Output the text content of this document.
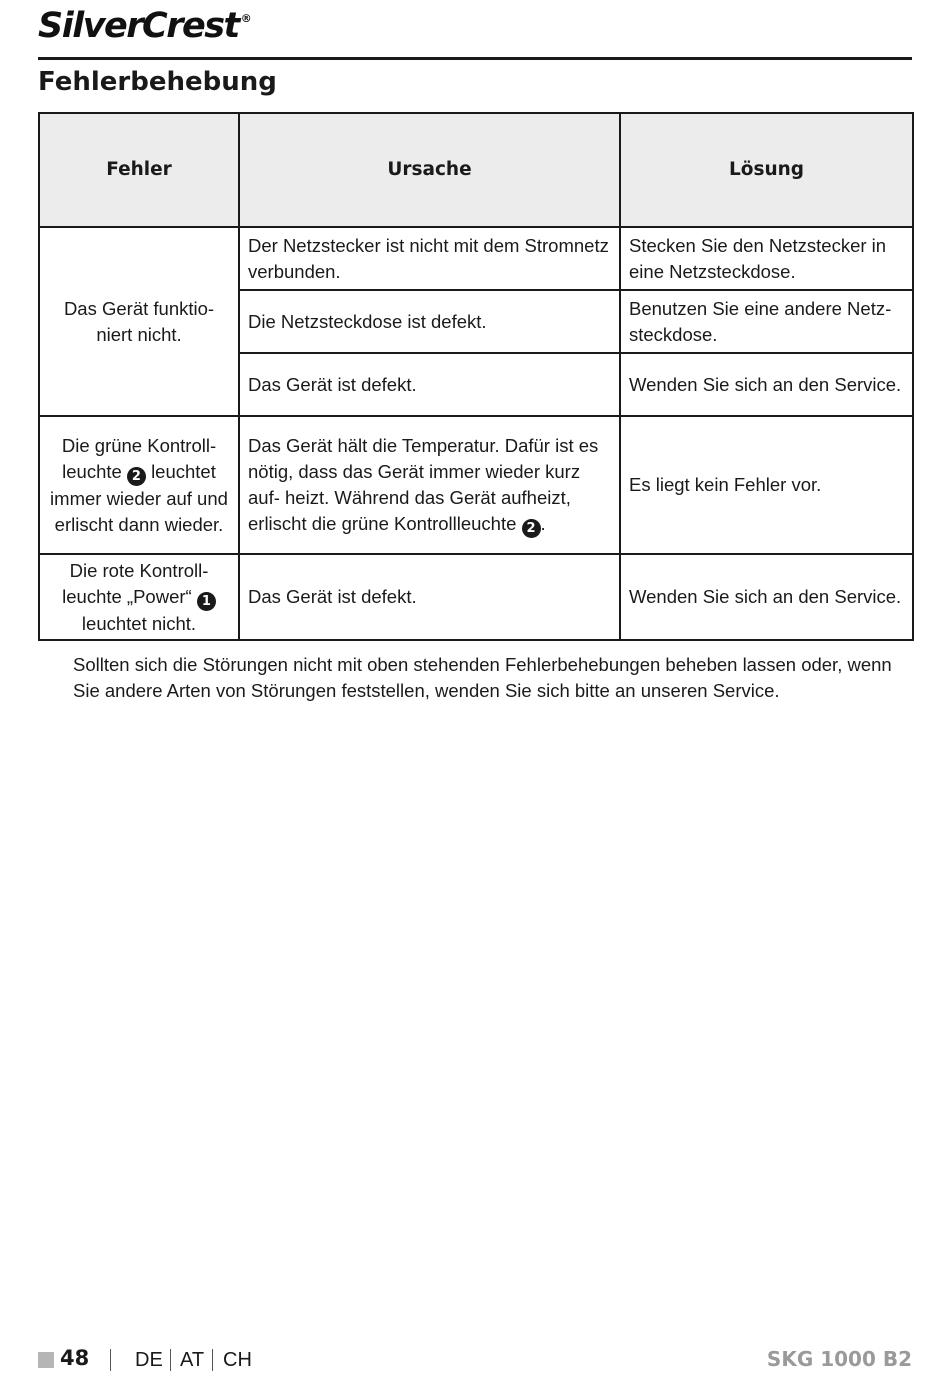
SilverCrest ®
Fehlerbehebung
Fehler	Ursache	Lösung
Das Gerät funktio- niert nicht.	Der Netzstecker ist nicht mit dem Stromnetz verbunden.	Stecken Sie den Netzstecker in eine Netzsteckdose.
	Die Netzsteckdose ist defekt.	Benutzen Sie eine andere Netz- steckdose.
	Das Gerät ist defekt.	Wenden Sie sich an den Service.
Die grüne Kontroll- leuchte 2 leuchtet immer wieder auf und erlischt dann wieder.	Das Gerät hält die Temperatur. Dafür ist es nötig, dass das Gerät immer wieder kurz auf- heizt. Während das Gerät aufheizt, erlischt die grüne Kontrollleuchte 2 .	Es liegt kein Fehler vor.
Die rote Kontroll- leuchte „Power“ 1 leuchtet nicht.	Das Gerät ist defekt.	Wenden Sie sich an den Service.

Sollten sich die Störungen nicht mit oben stehenden Fehlerbehebungen beheben lassen oder, wenn Sie andere Arten von Störungen feststellen, wenden Sie sich bitte an unseren Service.

48 DE AT CH	SKG 1000 B2
